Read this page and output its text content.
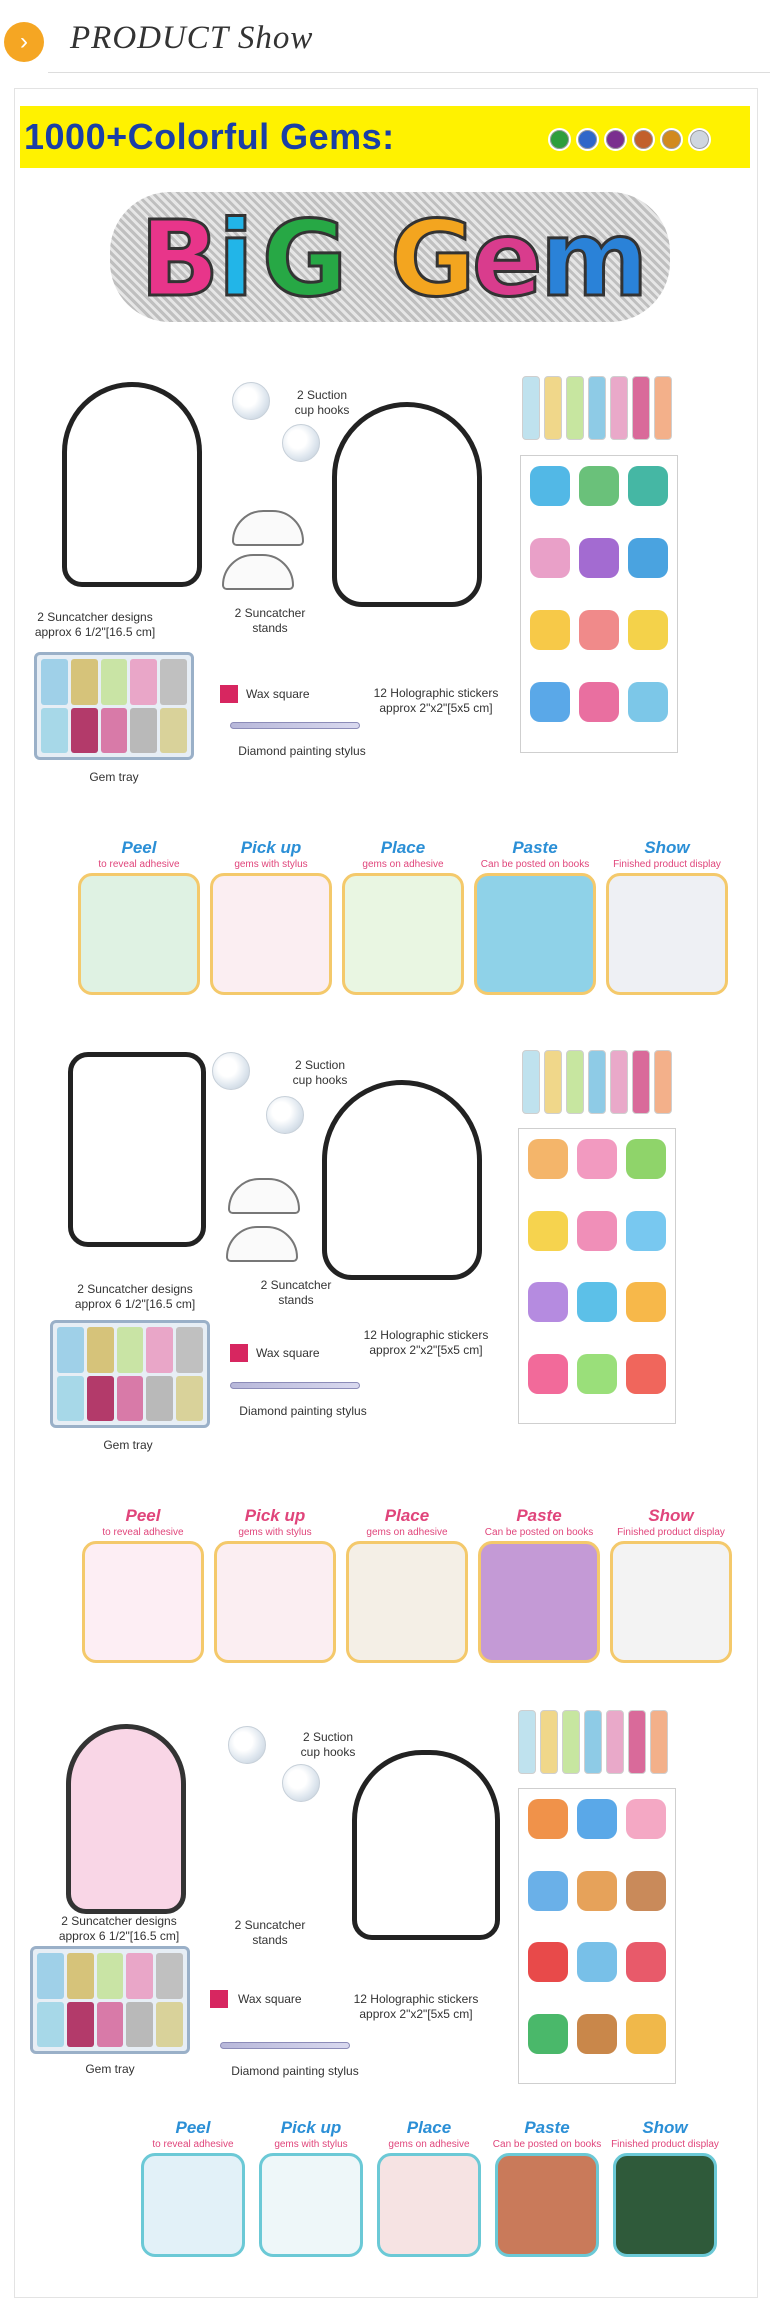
›	PRODUCT Show
1000+Colorful Gems:
B
i G G
e
m
2 Suction
cup hooks
2 Suncatcher
stands
2 Suncatcher designs
approx 6 1/2"[16.5 cm]
Gem tray
Wax square
Diamond painting stylus
12 Holographic stickers
approx 2"x2"[5x5 cm]
Peel
to reveal adhesive
Pick up
gems with stylus
Place
gems on adhesive
Paste
Can be posted on books
Show
Finished product display
2 Suction
cup hooks
2 Suncatcher
stands
2 Suncatcher designs
approx 6 1/2"[16.5 cm]
Gem tray
Wax square
Diamond painting stylus
12 Holographic stickers
approx 2"x2"[5x5 cm]
Peel
to reveal adhesive
Pick up
gems with stylus
Place
gems on adhesive
Paste
Can be posted on books
Show
Finished product display
2 Suction
cup hooks
2 Suncatcher
stands
2 Suncatcher designs
approx 6 1/2"[16.5 cm]
Gem tray
Wax square
Diamond painting stylus
12 Holographic stickers
approx 2"x2"[5x5 cm]
Peel
to reveal adhesive
Pick up
gems with stylus
Place
gems on adhesive
Paste
Can be posted on books
Show
Finished product display
